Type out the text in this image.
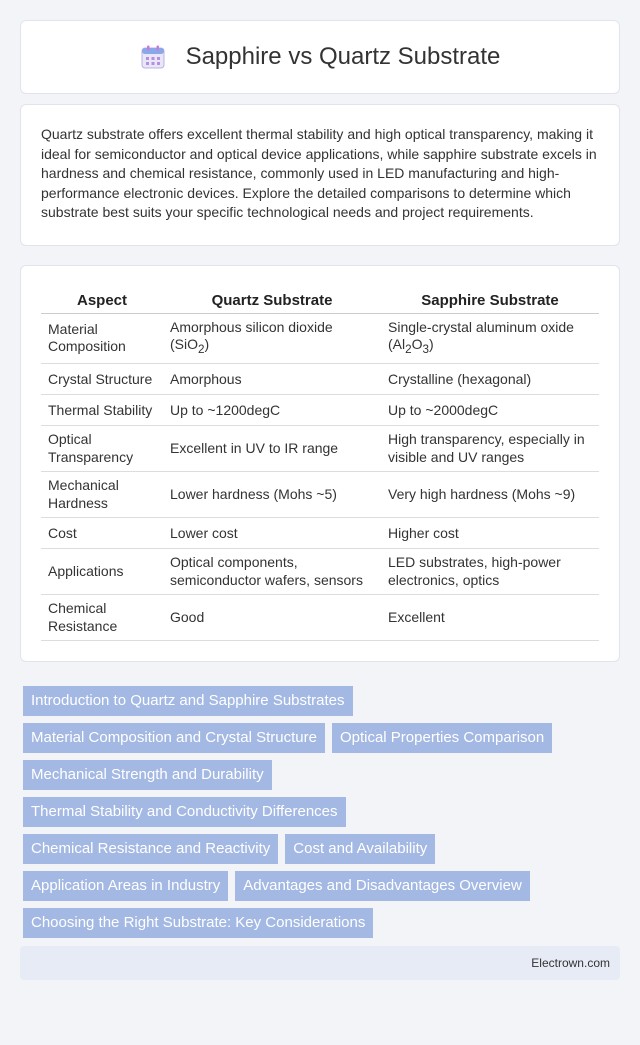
Sapphire vs Quartz Substrate

Quartz substrate offers excellent thermal stability and high optical transparency, making it ideal for semiconductor and optical device applications, while sapphire substrate excels in hardness and chemical resistance, commonly used in LED manufacturing and high-performance electronic devices. Explore the detailed comparisons to determine which substrate best suits your specific technological needs and project requirements.

Aspect	Quartz Substrate	Sapphire Substrate
Material Composition	Amorphous silicon dioxide (SiO$_2$)	Single-crystal aluminum oxide $(Al_2O_3)$
Crystal Structure	Amorphous	Crystalline (hexagonal)
Thermal Stability	Up to ~1200degC	Up to ~2000degC
Optical Transparency	Excellent in UV to IR range	High transparency, especially in visible and UV ranges
Mechanical Hardness	Lower hardness (Mohs ~5)	Very high hardness (Mohs ~9)
Cost	Lower cost	Higher cost
Applications	Optical components, semiconductor wafers, sensors	LED substrates, high-power electronics, optics
Chemical Resistance	Good	Excellent
Introduction to Quartz and Sapphire Substrates
Material Composition and Crystal Structure	Optical Properties Comparison
Mechanical Strength and Durability
Thermal Stability and Conductivity Differences
Chemical Resistance and Reactivity	Cost and Availability
Application Areas in Industry	Advantages and Disadvantages Overview
Choosing the Right Substrate: Key Considerations
Electrown.com
